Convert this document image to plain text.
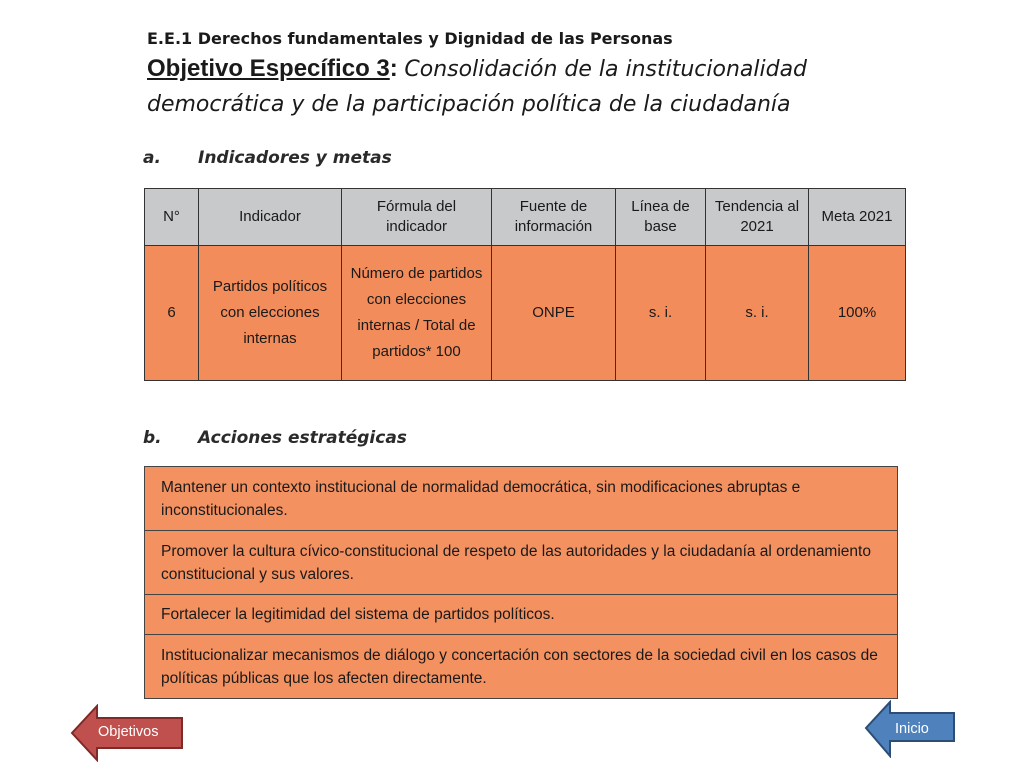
E.E.1 Derechos fundamentales y Dignidad de las Personas
Objetivo Específico 3: Consolidación de la institucionalidad democrática y de la participación política de la ciudadanía
a. Indicadores y metas
N°	Indicador	Fórmula del indicador	Fuente de información	Línea de base	Tendencia al 2021	Meta 2021
6	Partidos políticos con elecciones internas	Número de partidos con elecciones internas / Total de partidos* 100	ONPE	s. i.	s. i.	100%
b. Acciones estratégicas
Mantener un contexto institucional de normalidad democrática, sin modificaciones abruptas e inconstitucionales.
Promover la cultura cívico-constitucional de respeto de las autoridades y la ciudadanía al ordenamiento constitucional y sus valores.
Fortalecer la legitimidad del sistema de partidos políticos.
Institucionalizar mecanismos de diálogo y concertación con sectores de la sociedad civil en los casos de políticas públicas que los afecten directamente.
Objetivos	Inicio
